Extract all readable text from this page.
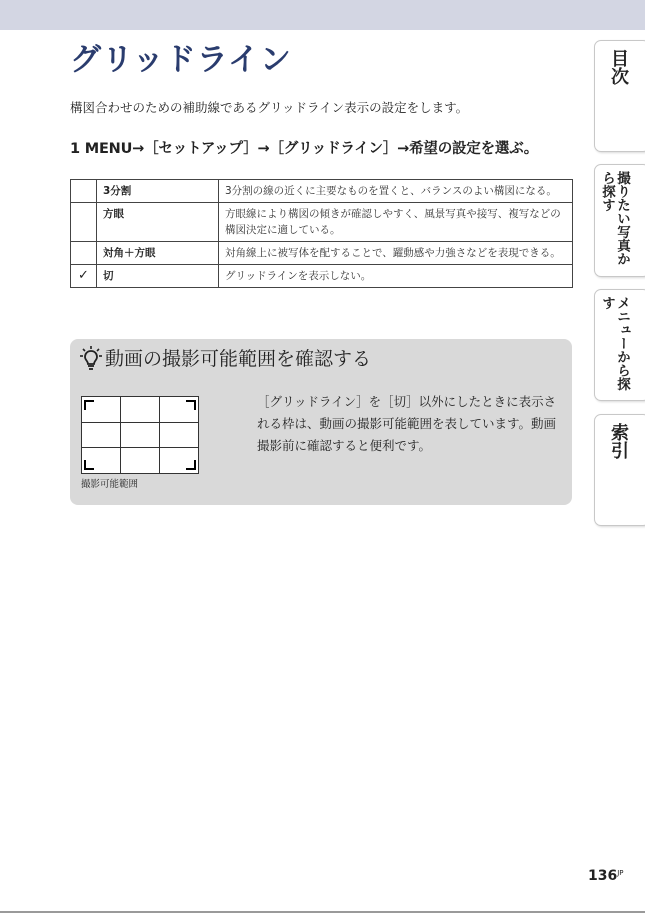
グリッドライン
構図合わせのための補助線であるグリッドライン表示の設定をします。
1 MENU→［セットアップ］→［グリッドライン］→希望の設定を選ぶ。
	3分割	3分割の線の近くに主要なものを置くと、バランスのよい構図になる。
	方眼	方眼線により構図の傾きが確認しやすく、風景写真や接写、複写などの構図決定に適している。
	対角＋方眼	対角線上に被写体を配することで、躍動感や力強さなどを表現できる。
✓	切	グリッドラインを表示しない。
動画の撮影可能範囲を確認する
撮影可能範囲
［グリッドライン］を［切］以外にしたときに表示される枠は、動画の撮影可能範囲を表しています。動画撮影前に確認すると便利です。
目次
撮りたい写真から探す
メニューから探す
索引
$136^{JP}$
